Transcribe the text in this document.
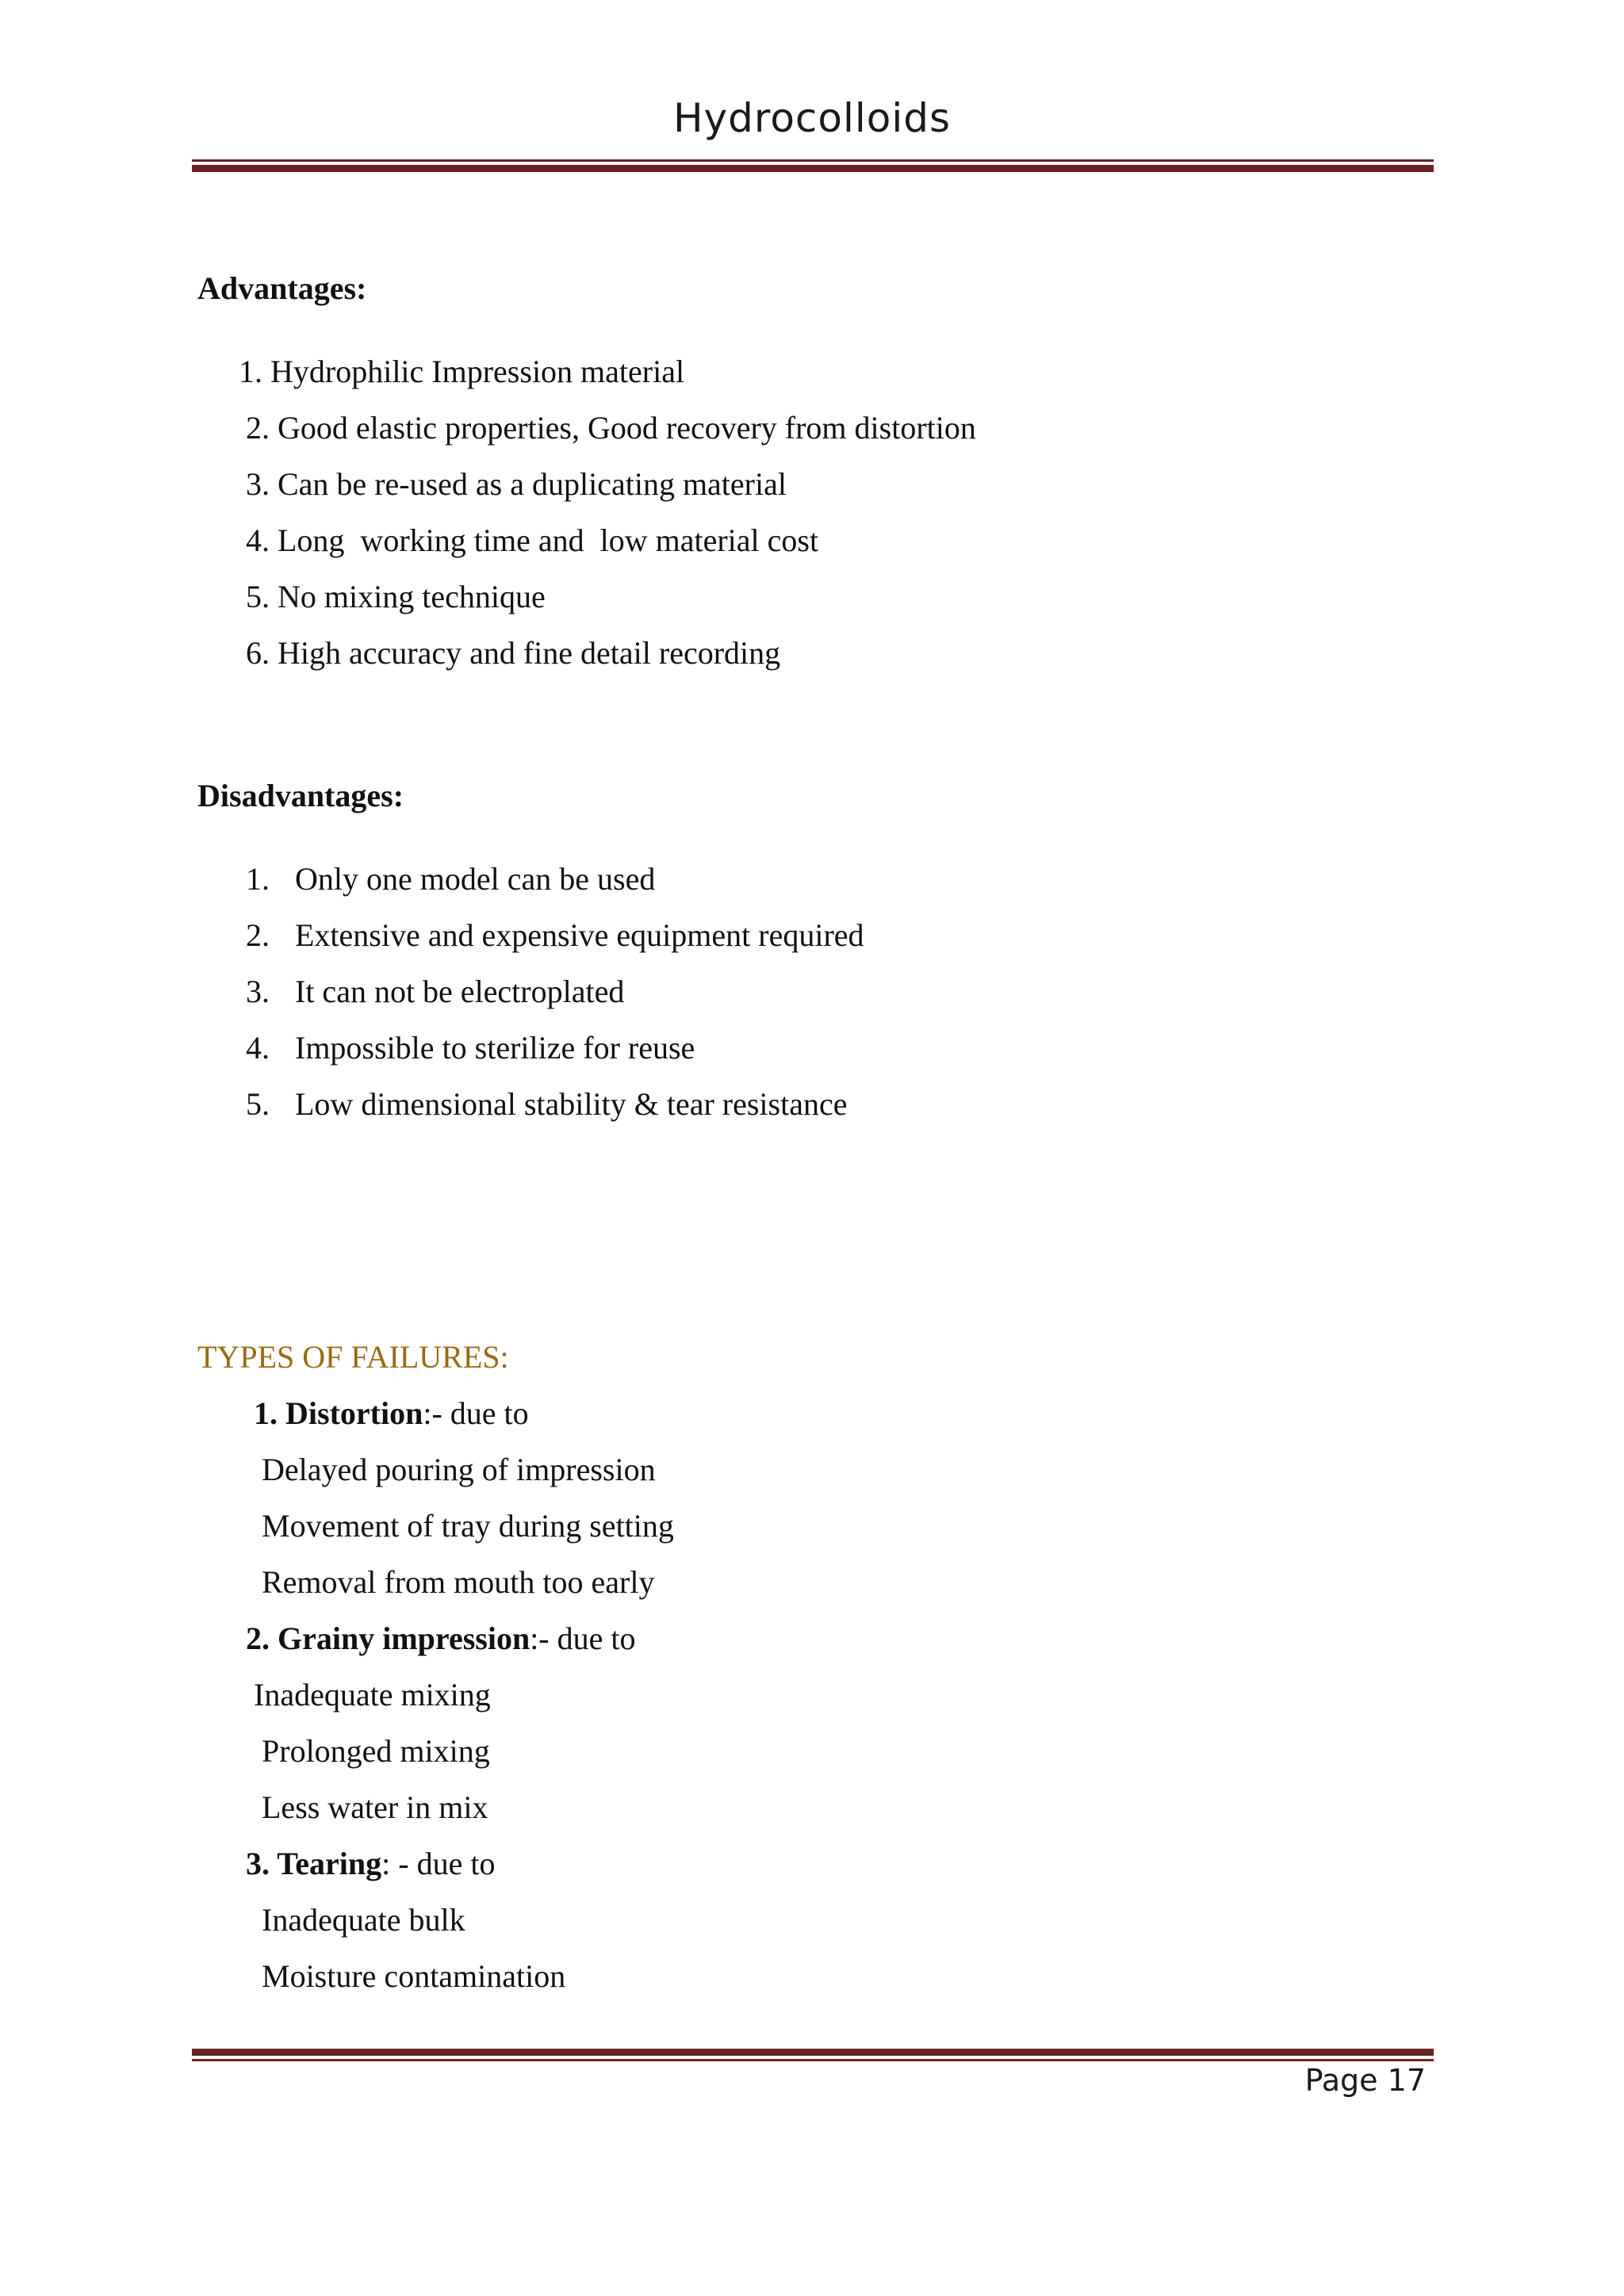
Hydrocolloids
Advantages:
1. Hydrophilic Impression material
2. Good elastic properties, Good recovery from distortion
3. Can be re-used as a duplicating material
4. Long  working time and  low material cost
5. No mixing technique
6. High accuracy and fine detail recording
Disadvantages:
1. Only one model can be used
2. Extensive and expensive equipment required
3. It can not be electroplated
4. Impossible to sterilize for reuse
5. Low dimensional stability & tear resistance
TYPES OF FAILURES:
1. Distortion:- due to
Delayed pouring of impression
Movement of tray during setting
Removal from mouth too early
2. Grainy impression:- due to
Inadequate mixing
Prolonged mixing
Less water in mix
3. Tearing: - due to
Inadequate bulk
Moisture contamination
Page 17
